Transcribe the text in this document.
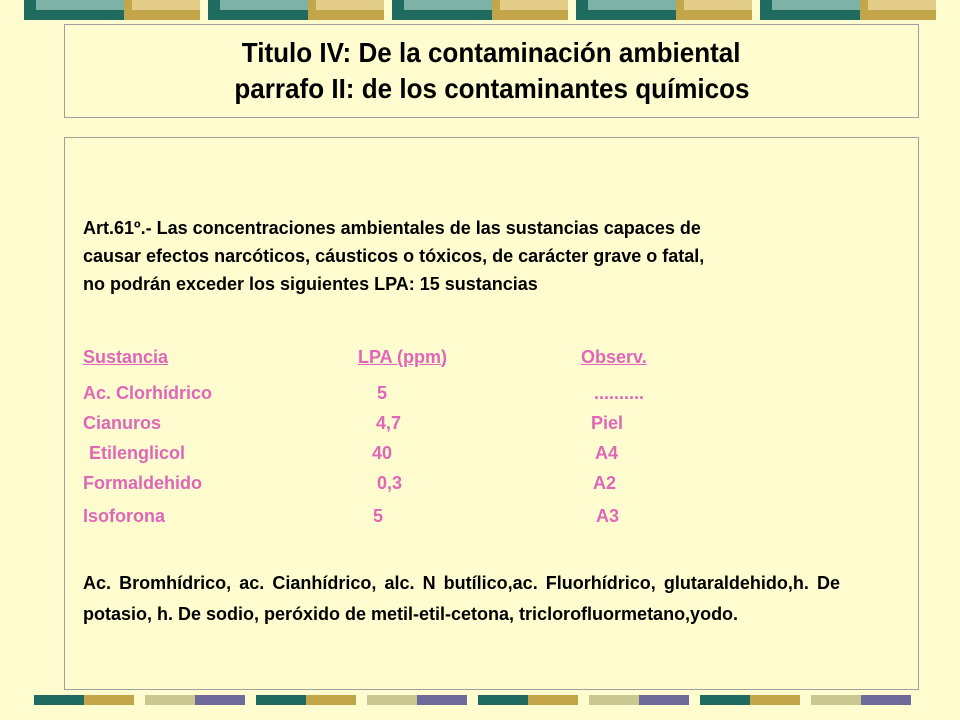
Titulo IV: De la contaminación ambiental
parrafo II: de los contaminantes químicos
Art.61º.- Las concentraciones ambientales de las sustancias capaces de
causar efectos narcóticos, cáusticos o tóxicos, de carácter grave o fatal,
no podrán exceder los siguientes LPA: 15 sustancias
Sustancia	LPA (ppm)	Observ.
Ac. Clorhídrico	5	..........
Cianuros	4,7	Piel
Etilenglicol	40	A4
Formaldehido	0,3	A2
Isoforona	5	A3
Ac. Bromhídrico, ac. Cianhídrico, alc. N butílico,ac. Fluorhídrico, glutaraldehido,h. De potasio, h. De sodio, peróxido de metil-etil-cetona, triclorofluormetano,yodo.
